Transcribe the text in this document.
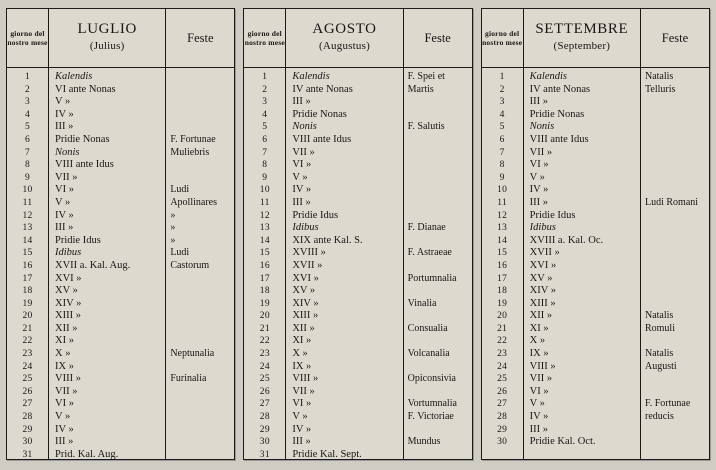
giorno del nostro mese
LUGLIO
(Julius)
Feste
1
2
3
4
5
6
7
8
9
10
11
12
13
14
15
16
17
18
19
20
21
22
23
24
25
26
27
28
29
30
31
Kalendis
VI ante Nonas
V »
IV »
III »
Pridie Nonas
Nonis
VIII ante Idus
VII »
VI »
V »
IV »
III »
Pridie Idus
Idibus
XVII a. Kal. Aug.
XVI »
XV »
XIV »
XIII »
XII »
XI »
X »
IX »
VIII »
VII »
VI »
V »
IV »
III »
Prid. Kal. Aug.
F. Fortunae
Muliebris
Ludi
Apollinares
»
»
»
Ludi
Castorum
Neptunalia
Furinalia
giorno del nostro mese
AGOSTO
(Augustus)
Feste
1
2
3
4
5
6
7
8
9
10
11
12
13
14
15
16
17
18
19
20
21
22
23
24
25
26
27
28
29
30
31
Kalendis
IV ante Nonas
III »
Pridie Nonas
Nonis
VIII ante Idus
VII »
VI »
V »
IV »
III »
Pridie Idus
Idibus
XIX ante Kal. S.
XVIII »
XVII »
XVI »
XV »
XIV »
XIII »
XII »
XI »
X »
IX »
VIII »
VII »
VI »
V »
IV »
III »
Pridie Kal. Sept.
F. Spei et
Martis
F. Salutis
F. Dianae
F. Astraeae
Portumnalia
Vinalia
Consualia
Volcanalia
Opiconsivia
Vortumnalia
F. Victoriae
Mundus
giorno del nostro mese
SETTEMBRE
(September)
Feste
1
2
3
4
5
6
7
8
9
10
11
12
13
14
15
16
17
18
19
20
21
22
23
24
25
26
27
28
29
30
Kalendis
IV ante Nonas
III »
Pridie Nonas
Nonis
VIII ante Idus
VII »
VI »
V »
IV »
III »
Pridie Idus
Idibus
XVIII a. Kal. Oc.
XVII »
XVI »
XV »
XIV »
XIII »
XII »
XI »
X »
IX »
VIII »
VII »
VI »
V »
IV »
III »
Pridie Kal. Oct.
Natalis
Telluris
Ludi Romani
Natalis
Romuli
Natalis
Augusti
F. Fortunae
reducis
